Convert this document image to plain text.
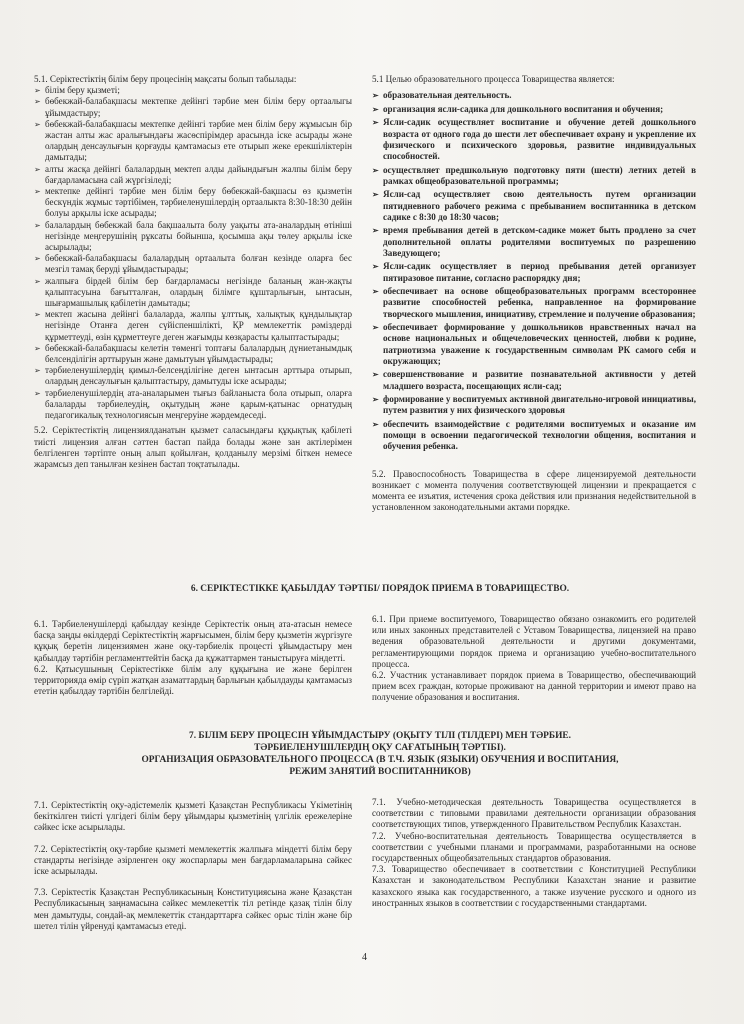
5.1. Серіктестіктің білім беру процесінің мақсаты болып табылады:

➢ білім беру қызметі;
➢ бөбекжай-балабақшасы мектепке дейінгі тәрбие мен білім беру ортаалыгы ұйымдастыру;
➢ бөбекжай-балабақшасы мектепке дейінгі тәрбие мен білім беру жұмысын бір жастан алты жас аралығындағы жасөспірімдер арасында іске асырады және олардың денсаулығын қорғауды қамтамасыз ете отырып жеке ерекшіліктерін дамытады;
➢ алты жасқа дейінгі балалардың мектеп алды дайындығын жалпы білім беру бағдарламасына сай жүргізіледі;
➢ мектепке дейінгі тәрбие мен білім беру бөбекжай-бақшасы өз қызметін бескүндік жұмыс тәртібімен, тәрбиеленушілердің ортаалыкта 8:30-18:30 дейін болуы арқылы іске асырады;
➢ балалардың бөбекжай бала бақшаалыта болу уақыты ата-аналардың өтініші негізінде меңгерушінің рұксаты бойынша, қосымша ақы төлеу арқылы іске асырылады;
➢ бөбекжай-балабақшасы балалардың ортаалыта болған кезінде оларға бес мезгіл тамақ беруді ұйымдастырады;
➢ жалпыға бірдей білім бер бағдарламасы негізінде баланың жан-жақты қалыптасуына бағытталған, олардың білімге құштарлығын, ынтасын, шығармашылық қабілетін дамытады;
➢ мектеп жасына дейінгі балаларда, жалпы ұлттық, халықтық құндылықтар негізінде Отанға деген сүйіспеншілікті, ҚР мемлекеттік рәміздерді құрметтеуді, өзін құрметтеуге деген жағымды көзқарасты қалыптастырады;
➢ бөбекжай-балабақшасы келетін төменгі топтағы балалардың дүниетанымдық белсенділігін арттыруын және дамытуын ұйымдастырады;
➢ тәрбиеленушілердің қимыл-белсенділігіне деген ынтасын арттыра отырып, олардың денсаулығын қалыптастыру, дамытуды іске асырады;
➢ тәрбиеленушілердің ата-аналарымен тығыз байланыста бола отырып, оларға балаларды тәрбиелеудің, оқытудың және қарым-қатынас орнатудың педагогикалық технологиясын меңгеруіне жәрдемдеседі.

5.2. Серіктестіктің лицензиялданатын қызмет саласындағы құқықтық қабілеті тиісті лицензия алған сәттен бастап пайда болады және зан актілерімен белгіленген тәртіпте оның алып қойылған, қолданылу мерзімі біткен немесе жарамсыз деп танылған кезінен бастап тоқтатылады.

5.1 Целью образовательного процесса Товарищества является:

➢ образовательная деятельность.
➢ организация ясли-садика для дошкольного воспитания и обучения;
➢ Ясли-садик осуществляет воспитание и обучение детей дошкольного возраста от одного года до шести лет обеспечивает охрану и укрепление их физического и психического здоровья, развитие индивидуальных способностей.
➢ осуществляет предшкольную подготовку пяти (шести) летних детей в рамках общеобразовательной программы;
➢ Ясли-сад осуществляет свою деятельность путем организации пятидневного рабочего режима с пребыванием воспитанника в детском садике с 8:30 до 18:30 часов;
➢ время пребывания детей в детском-садике может быть продлено за счет дополнительной оплаты родителями воспитуемых по разрешению Заведующего;
➢ Ясли-садик осуществляет в период пребывания детей организует пятиразовое питание, согласно распорядку дня;
➢ обеспечивает на основе общеобразовательных программ всестороннее развитие способностей ребенка, направленное на формирование творческого мышления, инициативу, стремление и получение образования;
➢ обеспечивает формирование у дошкольников нравственных начал на основе национальных и общечеловеческих ценностей, любви к родине, патриотизма уважение к государственным символам РК самого себя и окружающих;
➢ совершенствование и развитие познавательной активности у детей младшего возраста, посещающих ясли-сад;
➢ формирование у воспитуемых активной двигательно-игровой инициативы, путем развития у них физического здоровья
➢ обеспечить взаимодействие с родителями воспитуемых и оказание им помощи в освоении педагогической технологии общения, воспитания и обучения ребенка.

5.2. Правоспособность Товарищества в сфере лицензируемой деятельности возникает с момента получения соответствующей лицензии и прекращается с момента ее изъятия, истечения срока действия или признания недействительной в установленном законодательными актами порядке.

6. СЕРІКТЕСТІККЕ ҚАБЫЛДАУ ТӘРТІБІ/ ПОРЯДОК ПРИЕМА В ТОВАРИЩЕСТВО.

6.1. Тәрбиеленушілерді қабылдау кезінде Серіктестік оның ата-атасын немесе басқа заңды өкілдерді Серіктестіктің жарғысымен, білім беру қызметін жүргізуге құқық беретін лицензиямен және оқу-тәрбиелік процесті ұйымдастыру мен қабылдау тәртібін регламенттейтін басқа да құжаттармен таныстыруға міндетті.

6.2. Қатысушының Серіктестікке білім алу құқығына ие және берілген территорияда өмір сүріп жатқан азаматтардың барлығын қабылдауды қамтамасыз ететін қабылдау тәртібін белгілейді.

6.1. При приеме воспитуемого, Товарищество обязано ознакомить его родителей или иных законных представителей с Уставом Товарищества, лицензией на право ведения образовательной деятельности и другими документами, регламентирующими порядок приема и организацию учебно-воспитательного процесса.

6.2. Участник устанавливает порядок приема в Товарищество, обеспечивающий прием всех граждан, которые проживают на данной территории и имеют право на получение образования и воспитания.

7. БІЛІМ БЕРУ ПРОЦЕСІН ҰЙЫМДАСТЫРУ (ОҚЫТУ ТІЛІ (ТІЛДЕРІ) МЕН ТӘРБИЕ.
ТӘРБИЕЛЕНУШІЛЕРДІҢ ОҚУ САҒАТЫНЫҢ ТӘРТІБІ).
ОРГАНИЗАЦИЯ ОБРАЗОВАТЕЛЬНОГО ПРОЦЕССА (В Т.Ч. ЯЗЫК (ЯЗЫКИ) ОБУЧЕНИЯ И ВОСПИТАНИЯ,
РЕЖИМ ЗАНЯТИЙ ВОСПИТАННИКОВ)

7.1. Серіктестіктің оқу-әдістемелік қызметі Қазақстан Республикасы Үкіметінің бекіткілген тиісті үлгідегі білім беру ұйымдары қызметінің үлгілік ережелеріне сәйкес іске асырылады.

7.2. Серіктестіктің оқу-тәрбие қызметі мемлекеттік жалпыға міндетті білім беру стандарты негізінде әзірленген оқу жоспарлары мен бағдарламаларына сәйкес іске асырылады.

7.3. Серіктестік Қазақстан Республикасының Конституциясына және Қазақстан Республикасының заңнамасына сәйкес мемлекеттік тіл ретінде қазақ тілін білу мен дамытуды, сондай-ақ мемлекеттік стандарттарға сәйкес орыс тілін және бір шетел тілін үйренуді қамтамасыз етеді.

7.1. Учебно-методическая деятельность Товарищества осуществляется в соответствии с типовыми правилами деятельности организации образования соответствующих типов, утвержденного Правительством Республик Казахстан.

7.2. Учебно-воспитательная деятельность Товарищества осуществляется в соответствии с учебными планами и программами, разработанными на основе государственных общеобязательных стандартов образования.

7.3. Товарищество обеспечивает в соответствии с Конституцией Республики Казахстан и законодательством Республики Казахстан знание и развитие казахского языка как государственного, а также изучение русского и одного из иностранных языков в соответствии с государственными стандартами.

4
